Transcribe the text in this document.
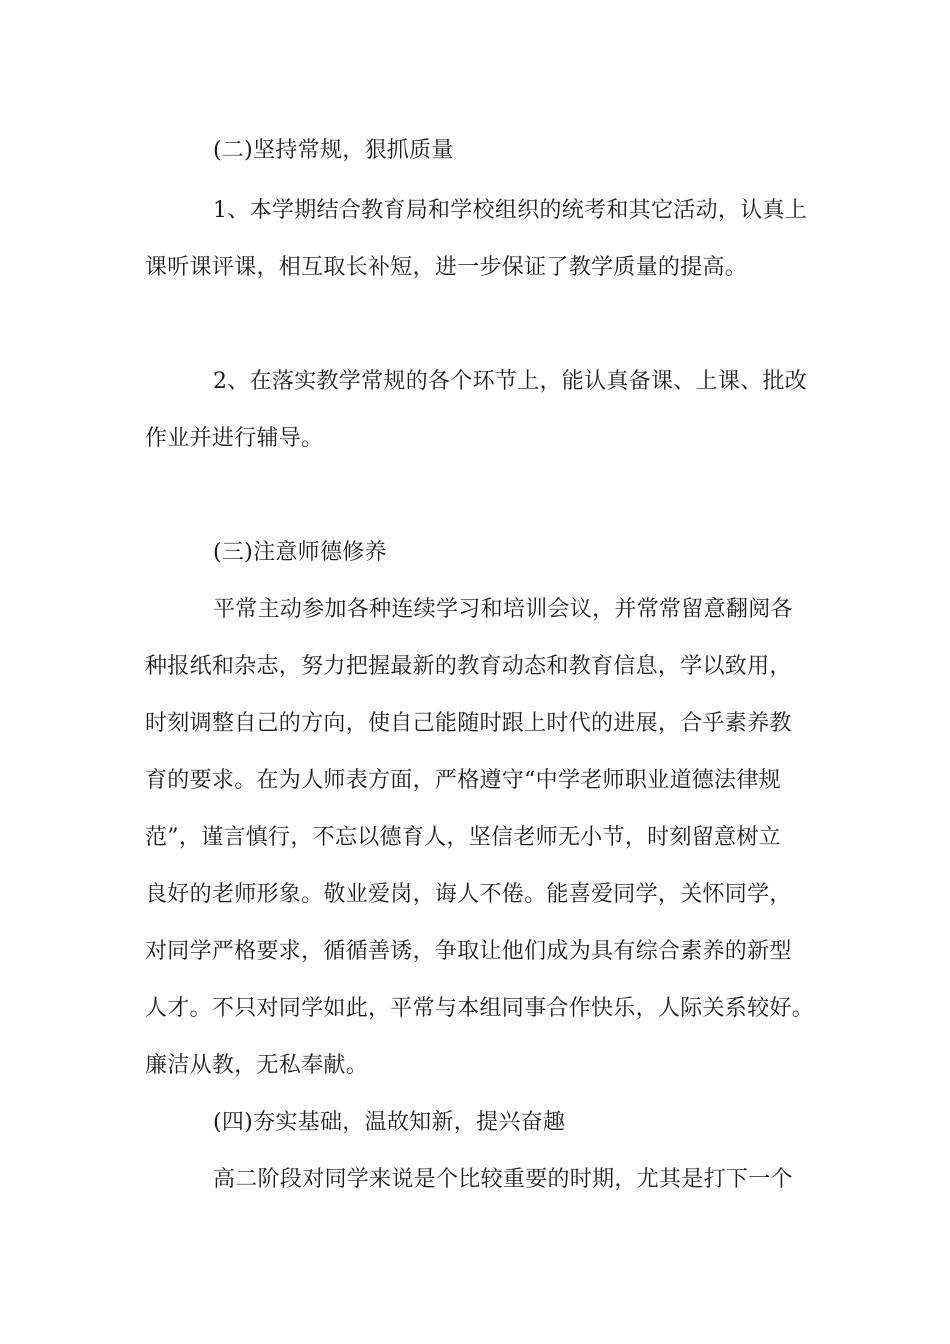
(二)坚持常规，狠抓质量
1、本学期结合教育局和学校组织的统考和其它活动，认真上
课听课评课，相互取长补短，进一步保证了教学质量的提高。
2、在落实教学常规的各个环节上，能认真备课、上课、批改
作业并进行辅导。
(三)注意师德修养
平常主动参加各种连续学习和培训会议，并常常留意翻阅各
种报纸和杂志，努力把握最新的教育动态和教育信息，学以致用，
时刻调整自己的方向，使自己能随时跟上时代的进展，合乎素养教
育的要求。在为人师表方面，严格遵守“中学老师职业道德法律规
范”，谨言慎行，不忘以德育人，坚信老师无小节，时刻留意树立
良好的老师形象。敬业爱岗，诲人不倦。能喜爱同学，关怀同学，
对同学严格要求，循循善诱，争取让他们成为具有综合素养的新型
人才。不只对同学如此，平常与本组同事合作快乐，人际关系较好。
廉洁从教，无私奉献。
(四)夯实基础，温故知新，提兴奋趣
高二阶段对同学来说是个比较重要的时期，尤其是打下一个
